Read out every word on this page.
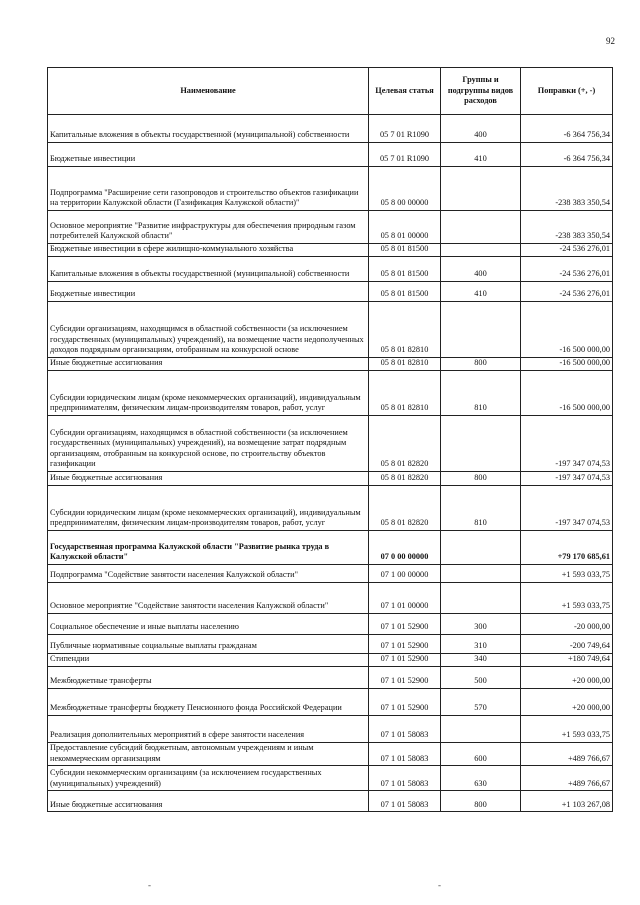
92
Наименование	Целевая статья	Группы и подгруппы видов расходов	Поправки (+, -)
Капитальные вложения в объекты государственной (муниципальной) собственности	05 7 01 R1090	400	-6 364 756,34
Бюджетные инвестиции	05 7 01 R1090	410	-6 364 756,34
Подпрограмма "Расширение сети газопроводов и строительство объектов газификации на территории Калужской области (Газификация Калужской области)"	05 8 00 00000		-238 383 350,54
Основное мероприятие "Развитие инфраструктуры для обеспечения природным газом потребителей Калужской области"	05 8 01 00000		-238 383 350,54
Бюджетные инвестиции в сфере жилищно-коммунального хозяйства	05 8 01 81500		-24 536 276,01
Капитальные вложения в объекты государственной (муниципальной) собственности	05 8 01 81500	400	-24 536 276,01
Бюджетные инвестиции	05 8 01 81500	410	-24 536 276,01
Субсидии организациям, находящимся в областной собственности (за исключением государственных (муниципальных) учреждений), на возмещение части недополученных доходов подрядным организациям, отобранным на конкурсной основе	05 8 01 82810		-16 500 000,00
Иные бюджетные ассигнования	05 8 01 82810	800	-16 500 000,00
Субсидии юридическим лицам (кроме некоммерческих организаций), индивидуальным предпринимателям, физическим лицам-производителям товаров, работ, услуг	05 8 01 82810	810	-16 500 000,00
Субсидии организациям, находящимся в областной собственности (за исключением государственных (муниципальных) учреждений), на возмещение затрат подрядным организациям, отобранным на конкурсной основе, по строительству объектов газификации	05 8 01 82820		-197 347 074,53
Иные бюджетные ассигнования	05 8 01 82820	800	-197 347 074,53
Субсидии юридическим лицам (кроме некоммерческих организаций), индивидуальным предпринимателям, физическим лицам-производителям товаров, работ, услуг	05 8 01 82820	810	-197 347 074,53
Государственная программа Калужской области "Развитие рынка труда в Калужской области"	07 0 00 00000		+79 170 685,61
Подпрограмма "Содействие занятости населения Калужской области"	07 1 00 00000		+1 593 033,75
Основное мероприятие "Содействие занятости населения Калужской области"	07 1 01 00000		+1 593 033,75
Социальное обеспечение и иные выплаты населению	07 1 01 52900	300	-20 000,00
Публичные нормативные социальные выплаты гражданам	07 1 01 52900	310	-200 749,64
Стипендии	07 1 01 52900	340	+180 749,64
Межбюджетные трансферты	07 1 01 52900	500	+20 000,00
Межбюджетные трансферты бюджету Пенсионного фонда Российской Федерации	07 1 01 52900	570	+20 000,00
Реализация дополнительных мероприятий в сфере занятости населения	07 1 01 58083		+1 593 033,75
Предоставление субсидий бюджетным, автономным учреждениям и иным некоммерческим организациям	07 1 01 58083	600	+489 766,67
Субсидии некоммерческим организациям (за исключением государственных (муниципальных) учреждений)	07 1 01 58083	630	+489 766,67
Иные бюджетные ассигнования	07 1 01 58083	800	+1 103 267,08
-	-
